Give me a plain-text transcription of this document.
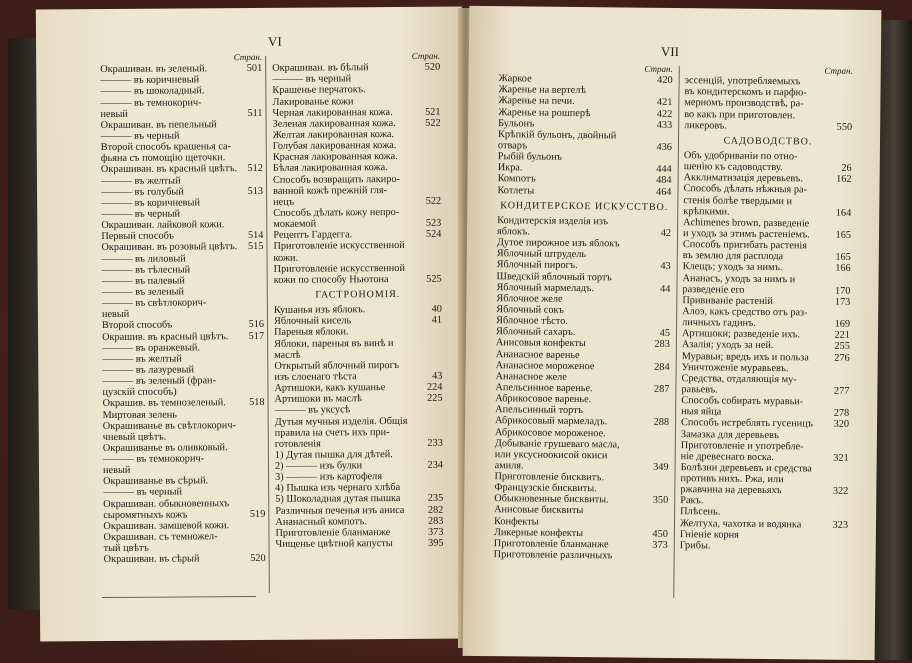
VI
Стран.
Окрашиван. въ зеленый.	501
——— въ коричневый
——— въ шоколадный.
——— въ темнокорич-
невый	511
Окрашиван. въ пепельный
——— въ черный
Второй способъ крашенья са-
фьяна съ помощію щеточки.
Окрашиван. въ красный цвѣтъ. 512
——— въ желтый
——— въ голубый	513
——— въ коричневый
——— въ черный
Окрашиван. лайковой кожи.
Первый способъ	514
Окрашиван. въ розовый цвѣтъ. 515
——— въ лиловый
——— въ тѣлесный
——— въ палевый
——— въ зеленый
——— въ свѣтлокорич-
невый
Второй способъ	516
Окрашив. въ красный цвѣтъ. 517
——— въ оранжевый.
——— въ желтый
——— въ лазуревый
——— въ зеленый (фран-
цузскій способъ)
Окрашив. въ темнозеленый. 518
Миртовая зелень
Окрашиванье въ свѣтлокорич-
чневый цвѣтъ.
Окрашиванье въ оливковый.
——— въ темнокорич-
невый
Окрашиванье въ сѣрый.
——— въ черный
Окрашиван. обыкновенныхъ
сыромятныхъ кожъ	519
Окрашиван. замшевой кожи.
Окрашиван. съ темножел-
тый цвѣтъ
Окрашиван. въ сѣрый	520
Стран.
Окрашиван. въ бѣлый	520
——— въ черный
Крашенье перчатокъ.
Лакированье кожи
Черная лакированная кожа.	521
Зеленая лакированная кожа.	522
Желтая лакированная кожа.
Голубая лакированная кожа.
Красная лакированная кожа.
Бѣлая лакированная кожа.
Способъ возвращать лакиро-
ванной кожѣ прежній гля-
нецъ	522
Способъ дѣлать кожу непро-
мокаемой	523
Рецептъ Гардегга.	524
Приготовленіе искусственной
кожи.
Приготовленіе искусственной
кожи по способу Ньютона	525
ГАСТРОНОМІЯ.
Кушанья изъ яблокъ.	40
Яблочный кисель	41
Пареныя яблоки.
Яблоки, пареныя въ винѣ и
маслѣ
Открытый яблочный пирогъ
изъ слоенаго тѣста	43
Артишоки, какъ кушанье	224
Артишоки въ маслѣ	225
——— въ уксусѣ
Дутыя мучныя изделія. Общія
правила на счетъ ихъ при-
готовленія	233
1) Дутая пышка для дѣтей.
2) ——— изъ булки	234
3) ——— изъ картофеля
4) Пышка изъ чернаго хлѣба
5) Шоколадная дутая пышка	235
Различныя печенья изъ аниса 282
Ананасный компотъ.	283
Приготовленіе бланманже	373
Чищенье цвѣтной капусты	395
VII
Стран.
Жаркое	420
Жаренье на вертелѣ
Жаренье на печи.	421
Жаренье на рошперѣ	422
Бульонъ	433
Крѣпкій бульонъ, двойный
отваръ	436
Рыбій бульонъ
Икра.	444
Компотъ	484
Котлеты	464
КОНДИТЕРСКОЕ ИСКУССТВО.
Кондитерскія изделія изъ
яблокъ.	42
Дутое пирожное изъ яблокъ
Яблочный штрудель
Яблочный пирогъ.	43
Шведскій яблочный тортъ
Яблочный мармеладъ.	44
Яблочное желе
Яблочный сокъ
Яблочное тѣсто.
Яблочный сахаръ.	45
Анисовыя конфекты	283
Ананасное варенье
Ананасное мороженое	284
Ананасное желе
Апельсинное варенье.	287
Абрикосовое варенье.
Апельсинный тортъ
Абрикосовый мармеладъ.	288
Абрикосовое мороженое.
Добываніе грушеваго масла,
или уксусноокисой окиси
амиля.	349
Приготовленіе бисквитъ.
Французскіе бисквиты.
Обыкновенные бисквиты.	350
Анисовые бисквиты
Конфекты
Ликерные конфекты	450
Приготовленіе бланманже	373
Приготовленіе различныхъ
Стран.
эссенцій, употребляемыхъ
въ кондитерскомъ и парфю-
мерномъ производствѣ, ра-
во какъ при приготовлен.
ликеровъ.	550
САДОВОДСТВО.
Объ удобриваніи по отно-
шенію къ садоводству.	26
Акклиматизація деревьевъ.	162
Способъ дѣлать нѣжныя ра-
стенія болѣе твердыми и
крѣпкими.	164
Achimenes brown, разведеніе
и уходъ за этимъ растеніемъ. 165
Способъ пригибать растенія
въ землю для расплода	165
Клещъ; уходъ за нимъ.	166
Ананасъ, уходъ за нимъ и
разведеніе его	170
Прививаніе растеній	173
Алоэ, какъ средство отъ раз-
личныхъ гадинъ.	169
Артишоки; разведеніе ихъ.	221
Азалія; уходъ за ней.	255
Муравьи; вредъ ихъ и польза 276
Уничтоженіе муравьевъ.
Средства, отдаляющія му-
равьевъ.	277
Способъ собирать муравьи-
ныя яйца	278
Способъ истреблять гусеницъ 320
Замазка для деревьевъ
Приготовленіе и употребле-
ніе древеснаго воска.	321
Болѣзни деревьевъ и средства
противъ нихъ. Ржа, или
ржавчина на деревьяхъ	322
Ракъ.
Плѣсень.
Желтуха, чахотка и водянка	323
Гніеніе корня
Грибы.
